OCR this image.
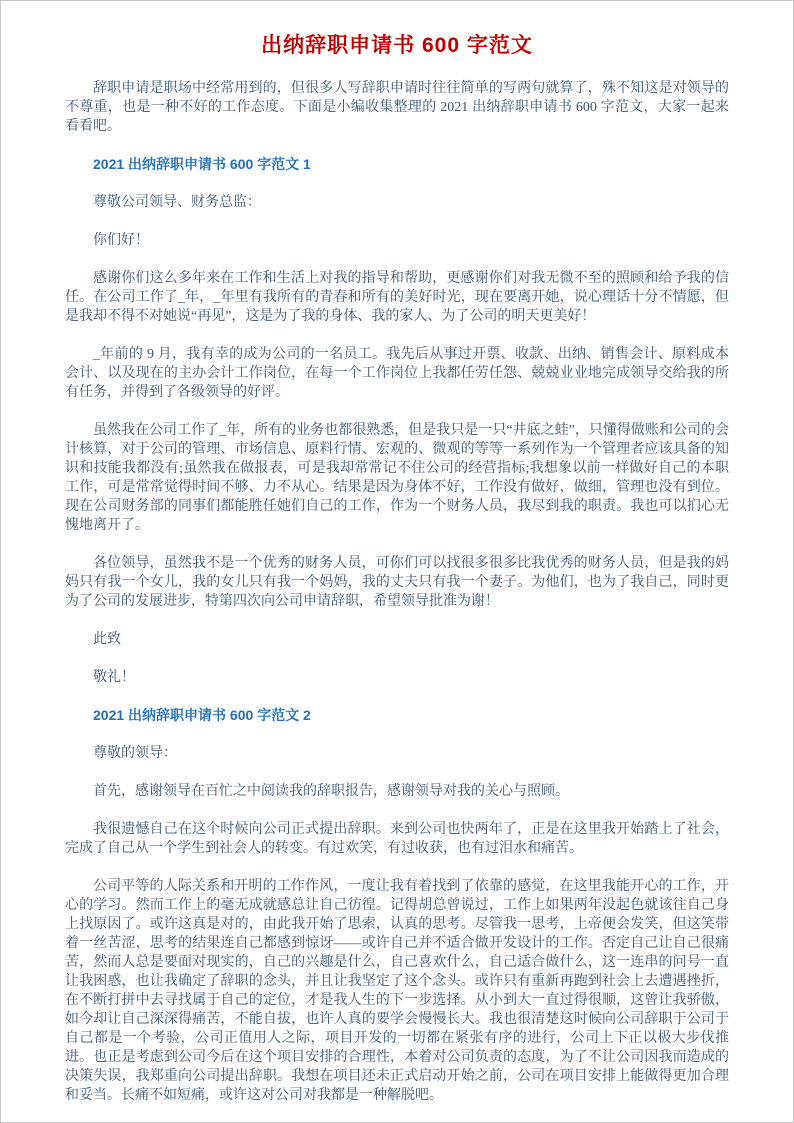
出纳辞职申请书 600 字范文

辞职申请是职场中经常用到的，但很多人写辞职申请时往往简单的写两句就算了，殊不知这是对领导的不尊重，也是一种不好的工作态度。下面是小编收集整理的 2021 出纳辞职申请书 600 字范文，大家一起来看看吧。

2021 出纳辞职申请书 600 字范文 1

尊敬公司领导、财务总监：

你们好！

感谢你们这么多年来在工作和生活上对我的指导和帮助，更感谢你们对我无微不至的照顾和给予我的信任。在公司工作了_年，_年里有我所有的青春和所有的美好时光，现在要离开她，说心理话十分不情愿，但是我却不得不对她说“再见”，这是为了我的身体、我的家人、为了公司的明天更美好！

_年前的 9 月，我有幸的成为公司的一名员工。我先后从事过开票、收款、出纳、销售会计、原料成本会计、以及现在的主办会计工作岗位，在每一个工作岗位上我都任劳任怨、兢兢业业地完成领导交给我的所有任务，并得到了各级领导的好评。

虽然我在公司工作了_年，所有的业务也都很熟悉，但是我只是一只“井底之蛙”，只懂得做账和公司的会计核算，对于公司的管理、市场信息、原料行情、宏观的、微观的等等一系列作为一个管理者应该具备的知识和技能我都没有;虽然我在做报表，可是我却常常记不住公司的经营指标;我想象以前一样做好自己的本职工作，可是常常觉得时间不够、力不从心。结果是因为身体不好，工作没有做好，做细，管理也没有到位。现在公司财务部的同事们都能胜任她们自己的工作，作为一个财务人员，我尽到我的职责。我也可以扪心无愧地离开了。

各位领导，虽然我不是一个优秀的财务人员，可你们可以找很多很多比我优秀的财务人员，但是我的妈妈只有我一个女儿，我的女儿只有我一个妈妈，我的丈夫只有我一个妻子。为他们，也为了我自己，同时更为了公司的发展进步，特第四次向公司申请辞职，希望领导批准为谢！

此致

敬礼！

2021 出纳辞职申请书 600 字范文 2

尊敬的领导：

首先，感谢领导在百忙之中阅读我的辞职报告，感谢领导对我的关心与照顾。

我很遗憾自己在这个时候向公司正式提出辞职。来到公司也快两年了，正是在这里我开始踏上了社会，完成了自己从一个学生到社会人的转变。有过欢笑，有过收获，也有过泪水和痛苦。

公司平等的人际关系和开明的工作作风，一度让我有着找到了依靠的感觉，在这里我能开心的工作，开心的学习。然而工作上的毫无成就感总让自己彷徨。记得胡总曾说过，工作上如果两年没起色就该往自己身上找原因了。或许这真是对的，由此我开始了思索，认真的思考。尽管我一思考，上帝便会发笑，但这笑带着一丝苦涩，思考的结果连自己都感到惊讶——或许自己并不适合做开发设计的工作。否定自己让自己很痛苦，然而人总是要面对现实的，自己的兴趣是什么，自己喜欢什么，自己适合做什么，这一连串的问号一直让我困惑，也让我确定了辞职的念头，并且让我坚定了这个念头。或许只有重新再跑到社会上去遭遇挫折，在不断打拼中去寻找属于自己的定位，才是我人生的下一步选择。从小到大一直过得很顺，这曾让我骄傲，如今却让自己深深得痛苦，不能自拔，也许人真的要学会慢慢长大。我也很清楚这时候向公司辞职于公司于自己都是一个考验，公司正值用人之际，项目开发的一切都在紧张有序的进行，公司上下正以极大步伐推进。也正是考虑到公司今后在这个项目安排的合理性，本着对公司负责的态度，为了不让公司因我而造成的决策失误，我郑重向公司提出辞职。我想在项目还未正式启动开始之前，公司在项目安排上能做得更加合理和妥当。长痛不如短痛，或许这对公司对我都是一种解脱吧。
